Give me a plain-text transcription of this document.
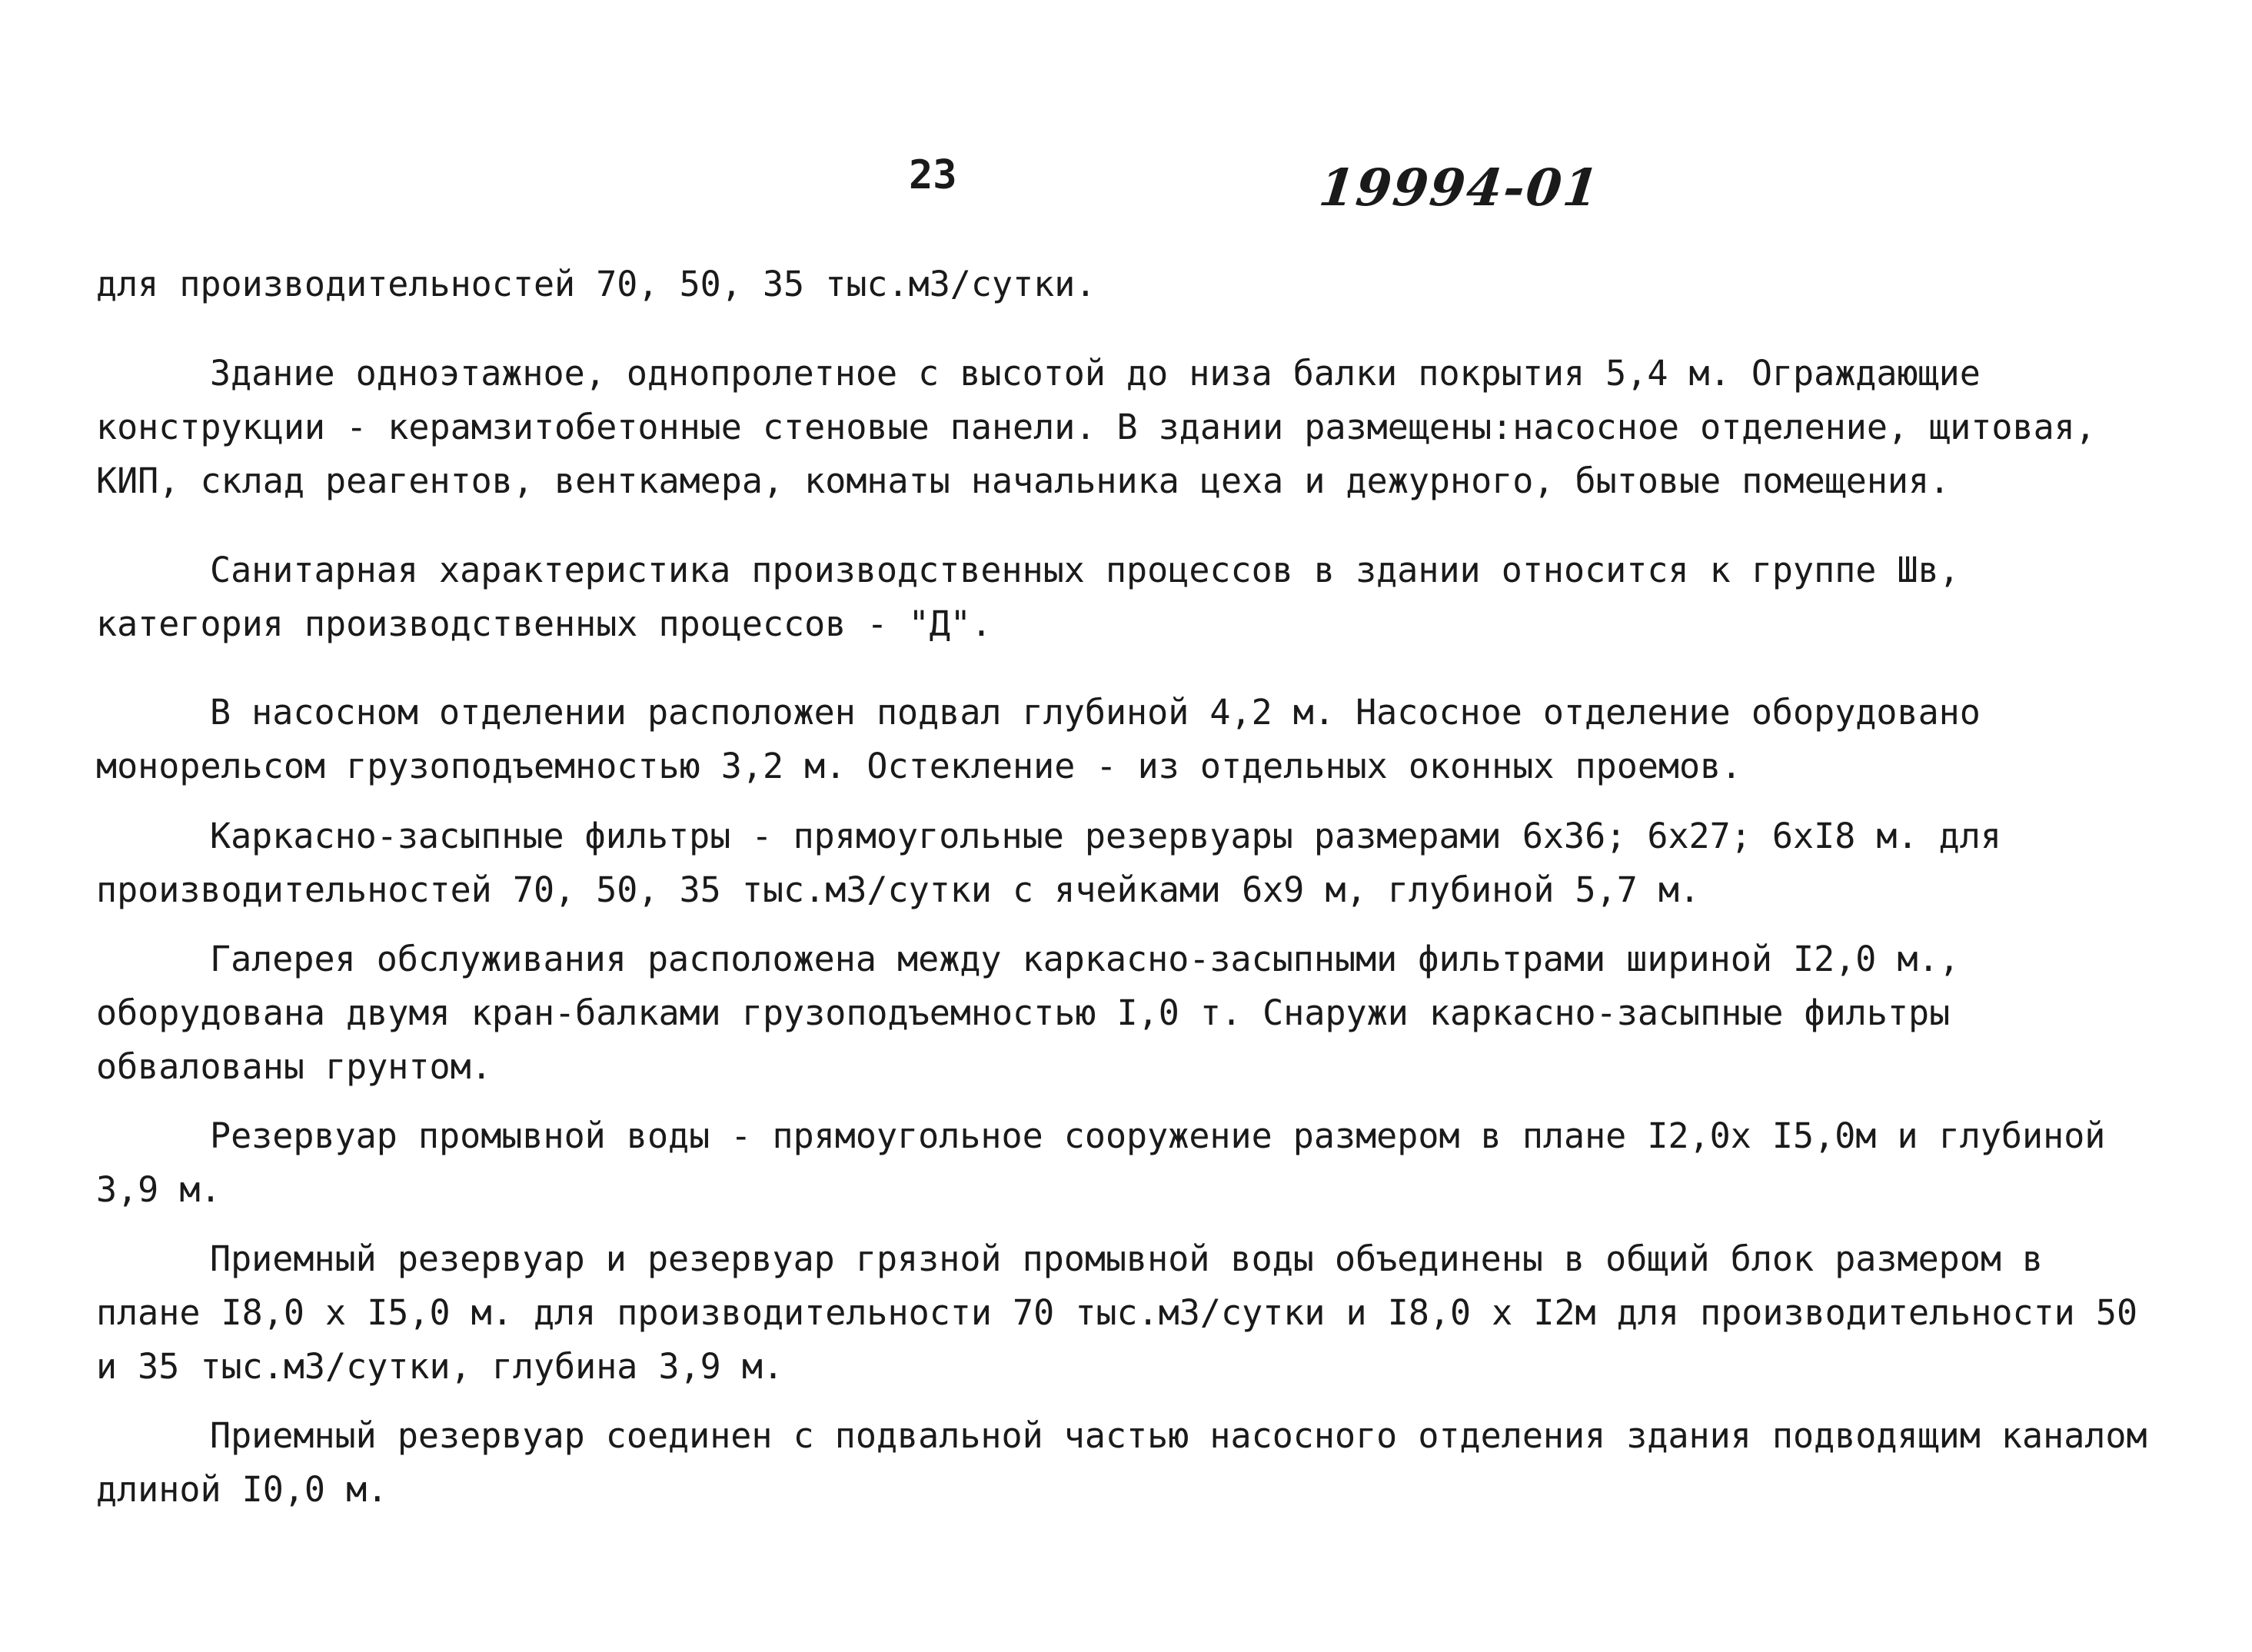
23	19994-01

для производительностей 70, 50, 35 тыс.м3/сутки.

Здание одноэтажное, однопролетное с высотой до низа балки покрытия 5,4 м. Ограждающие конструкции - керамзитобетонные стеновые панели. В здании размещены:насосное отделение, щитовая, КИП, склад реагентов, венткамера, комнаты начальника цеха и дежурного, бытовые помещения.

Санитарная характеристика производственных процессов в здании относится к группе Шв, категория производственных процессов - "Д".

В насосном отделении расположен подвал глубиной 4,2 м. Насосное отделение оборудовано монорельсом грузоподъемностью 3,2 м. Остекление - из отдельных оконных проемов.

Каркасно-засыпные фильтры - прямоугольные резервуары размерами 6х36; 6х27; 6хI8 м. для производительностей 70, 50, 35 тыс.м3/сутки с ячейками 6х9 м, глубиной 5,7 м.

Галерея обслуживания расположена между каркасно-засыпными фильтрами шириной I2,0 м., оборудована двумя кран-балками грузоподъемностью I,0 т. Снаружи каркасно-засыпные фильтры обвалованы грунтом.

Резервуар промывной воды - прямоугольное сооружение размером в плане I2,0х I5,0м и глубиной 3,9 м.

Приемный резервуар и резервуар грязной промывной воды объединены в общий блок размером в плане I8,0 х I5,0 м. для производительности 70 тыс.м3/сутки и I8,0 х I2м для производительности 50 и 35 тыс.м3/сутки, глубина 3,9 м.

Приемный резервуар соединен с подвальной частью насосного отделения здания подводящим каналом длиной I0,0 м.
